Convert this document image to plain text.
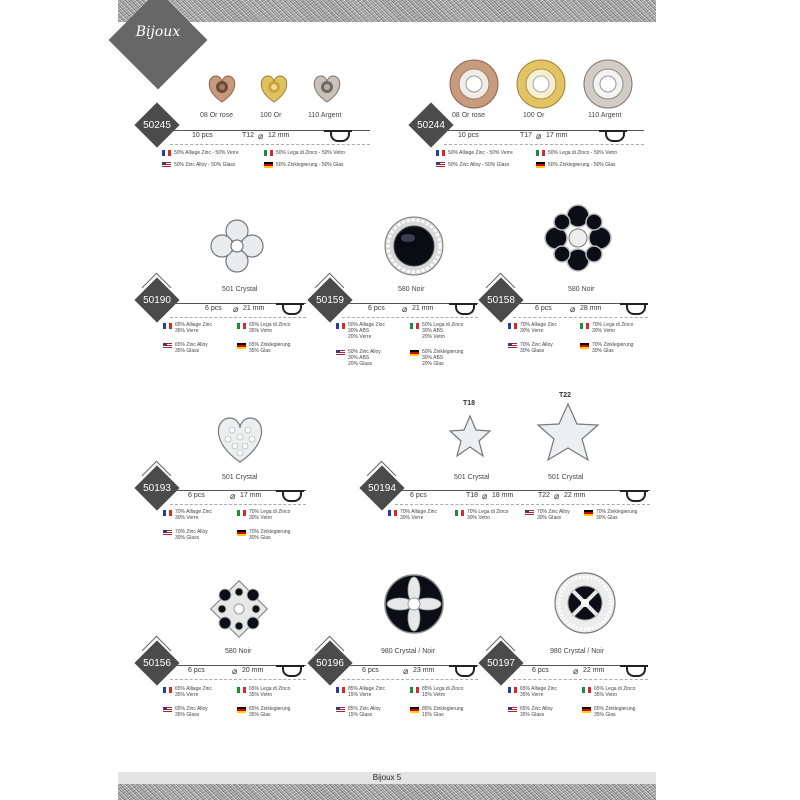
Bijoux 5
Bijoux
08 Or rose	100 Or	110 Argent
50245
10 pcs	T12 ⌀ 12 mm
50% Alliage Zinc - 50% Verre	50% Lega di Zinco - 50% Vetro
50% Zinc Alloy - 50% Glass	50% Zinklegierung - 50% Glas
08 Or rose	100 Or	110 Argent
50244
10 pcs	T17 ⌀ 17 mm
50% Alliage Zinc - 50% Verre	50% Lega di Zinco - 50% Vetro
50% Zinc Alloy - 50% Glass	50% Zinklegierung - 50% Glas
501 Crystal
50190
6 pcs ⌀ 21 mm
65% Alliage Zinc
35% Verre
65% Lega di Zinco
35% Vetro
65% Zinc Alloy
35% Glass
65% Zinklegierung
35% Glas
580 Noir
50159
6 pcs ⌀ 21 mm
50% Alliage Zinc
30% ABS
20% Verre
50% Lega di Zinco
30% ABS
20% Vetro
50% Zinc Alloy
30% ABS
20% Glass
50% Zinklegierung
30% ABS
20% Glas
580 Noir
50158
6 pcs ⌀ 28 mm
70% Alliage Zinc
30% Verre
70% Lega di Zinco
30% Vetro
70% Zinc Alloy
30% Glass
70% Zinklegierung
30% Glas
501 Crystal
50193
6 pcs	⌀ 17 mm
70% Alliage Zinc
30% Verre
70% Lega di Zinco
30% Vetro
70% Zinc Alloy
30% Glass
70% Zinklegierung
30% Glas
T18
T22
501 Crystal	501 Crystal
50194
6 pcs	T18 ⌀ 18 mm	T22 ⌀ 22 mm
70% Alliage Zinc
30% Verre
70% Lega di Zinco
30% Vetro
70% Zinc Alloy
30% Glass
70% Zinklegierung
30% Glas
580 Noir
50156
6 pcs	⌀ 20 mm
65% Alliage Zinc
35% Verre
65% Lega di Zinco
35% Vetro
65% Zinc Alloy
35% Glass
65% Zinklegierung
35% Glas
980 Crystal / Noir
50196
6 pcs	⌀ 23 mm
85% Alliage Zinc
15% Verre
85% Lega di Zinco
15% Vetro
85% Zinc Alloy
15% Glass
85% Zinklegierung
15% Glas
980 Crystal / Noir
50197
6 pcs	⌀ 22 mm
65% Alliage Zinc
35% Verre
65% Lega di Zinco
35% Vetro
65% Zinc Alloy
35% Glass
65% Zinklegierung
35% Glas
